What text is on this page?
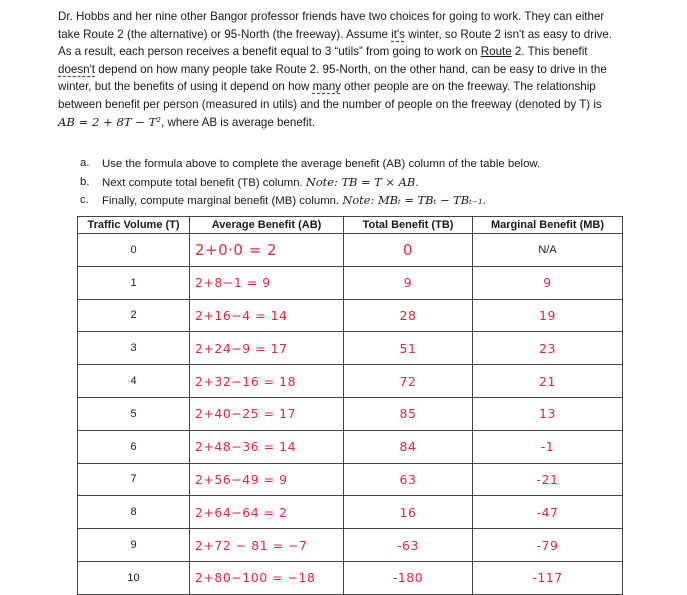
Dr. Hobbs and her nine other Bangor professor friends have two choices for going to work. They can either take Route 2 (the alternative) or 95-North (the freeway). Assume it's winter, so Route 2 isn't as easy to drive. As a result, each person receives a benefit equal to 3 “utils” from going to work on Route 2. This benefit doesn't depend on how many people take Route 2. 95-North, on the other hand, can be easy to drive in the winter, but the benefits of using it depend on how many other people are on the freeway. The relationship between benefit per person (measured in utils) and the number of people on the freeway (denoted by T) is AB = 2 + 8T − T², where AB is average benefit.
a.	Use the formula above to complete the average benefit (AB) column of the table below.
b.	Next compute total benefit (TB) column. Note: TB = T × AB.
c.	Finally, compute marginal benefit (MB) column. Note: MBₜ = TBₜ − TBₜ₋₁.
Traffic Volume (T)	Average Benefit (AB)	Total Benefit (TB)	Marginal Benefit (MB)
0	2+0·0 = 2	0	N/A
1	2+8−1 = 9	9	9
2	2+16−4 = 14	28	19
3	2+24−9 = 17	51	23
4	2+32−16 = 18	72	21
5	2+40−25 = 17	85	13
6	2+48−36 = 14	84	-1
7	2+56−49 = 9	63	-21
8	2+64−64 = 2	16	-47
9	2+72 − 81 = −7	-63	-79
10	2+80−100 = −18	-180	-117
